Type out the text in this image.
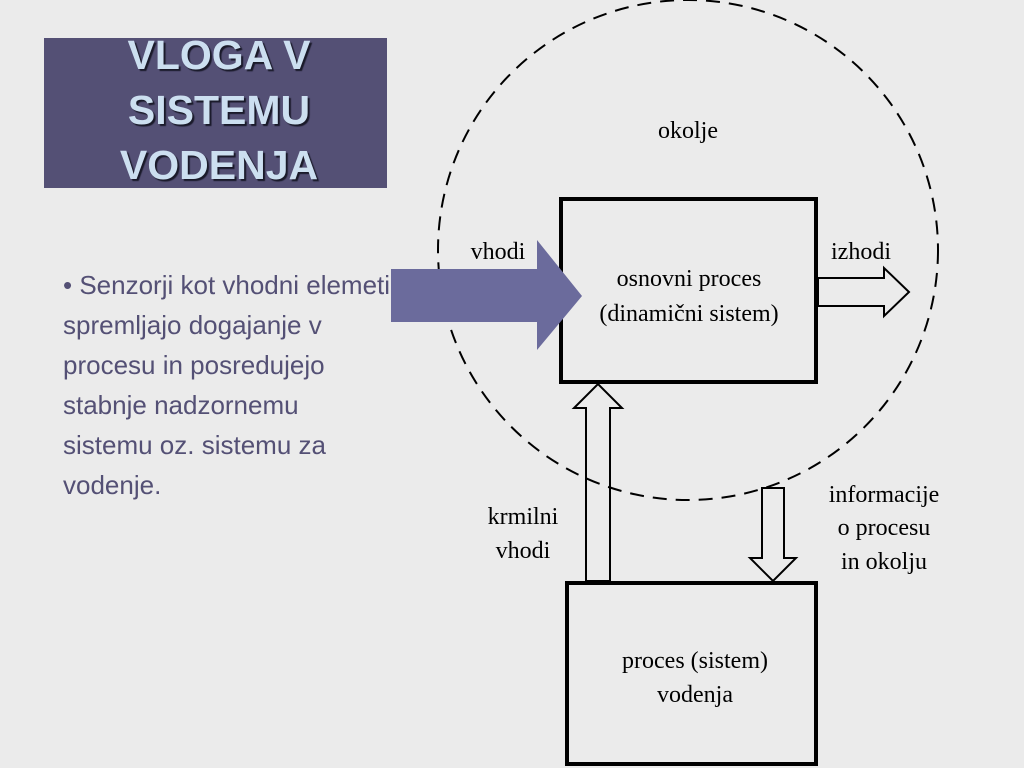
VLOGA V
SISTEMU
VODENJA

• Senzorji kot vhodni elemeti spremljajo dogajanje v procesu in posredujejo stabnje nadzornemu sistemu oz. sistemu za vodenje.

okolje
vhodi	izhodi
osnovni proces
(dinamični sistem)
krmilni
vhodi
informacije
o procesu
in okolju
proces (sistem)
vodenja
